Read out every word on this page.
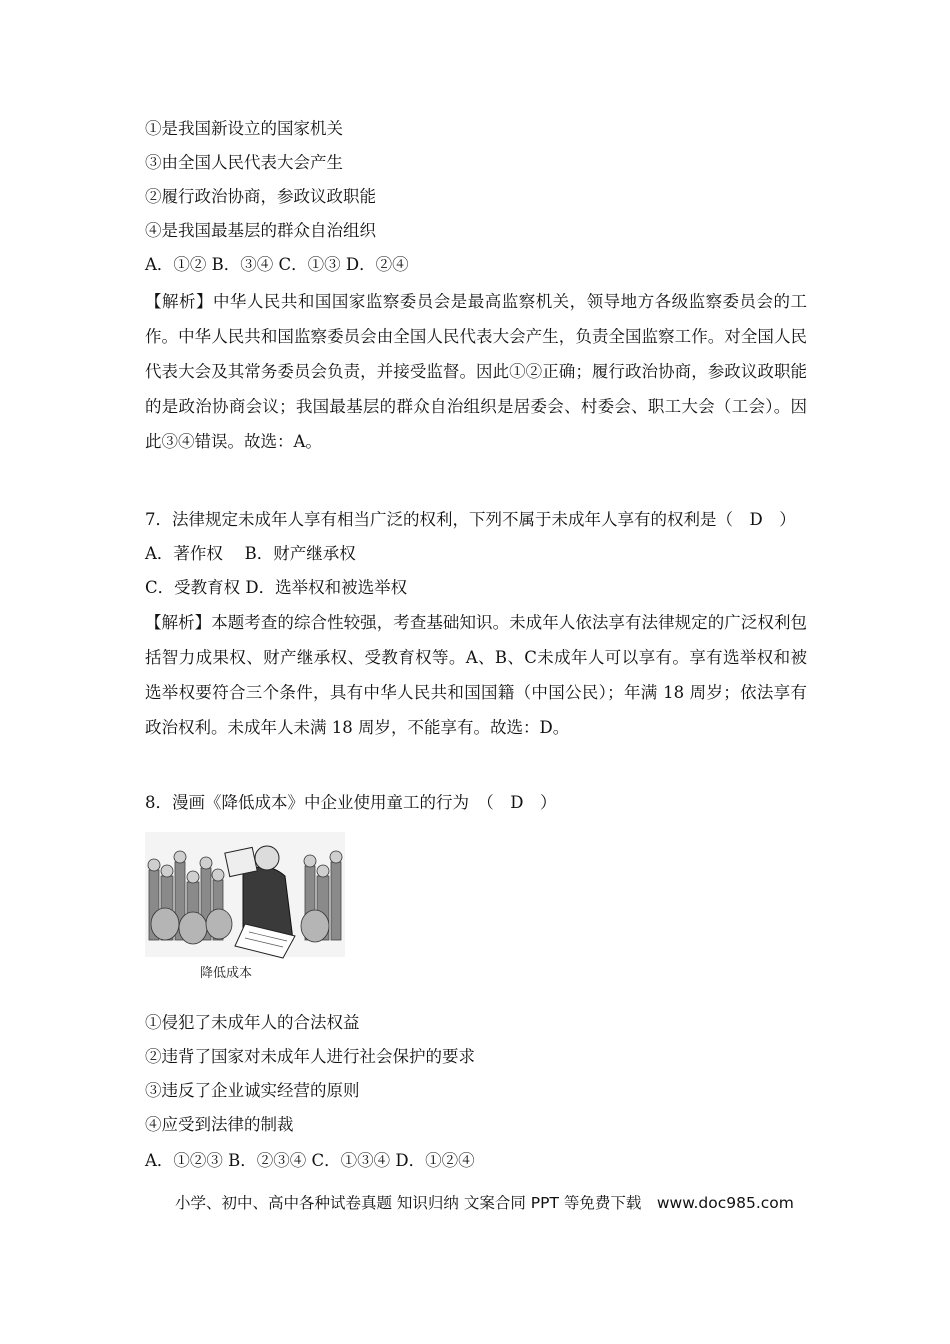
①是我国新设立的国家机关
③由全国人民代表大会产生
②履行政治协商，参政议政职能
④是我国最基层的群众自治组织
A．①② B．③④ C．①③ D．②④
【解析】中华人民共和国国家监察委员会是最高监察机关，领导地方各级监察委员会的工作。中华人民共和国监察委员会由全国人民代表大会产生，负责全国监察工作。对全国人民代表大会及其常务委员会负责，并接受监督。因此①②正确；履行政治协商，参政议政职能的是政治协商会议；我国最基层的群众自治组织是居委会、村委会、职工大会（工会）。因此③④错误。故选：A。
7．法律规定未成年人享有相当广泛的权利，下列不属于未成年人享有的权利是（　D　）
A．著作权　 B．财产继承权
C．受教育权 D．选举权和被选举权
【解析】本题考查的综合性较强，考查基础知识。未成年人依法享有法律规定的广泛权利包括智力成果权、财产继承权、受教育权等。A、B、C未成年人可以享有。享有选举权和被选举权要符合三个条件，具有中华人民共和国国籍（中国公民）；年满 18 周岁；依法享有政治权利。未成年人未满 18 周岁，不能享有。故选：D。
8．漫画《降低成本》中企业使用童工的行为　（　D　）
降低成本
①侵犯了未成年人的合法权益
②违背了国家对未成年人进行社会保护的要求
③违反了企业诚实经营的原则
④应受到法律的制裁
A．①②③ B．②③④ C．①③④ D．①②④
小学、初中、高中各种试卷真题 知识归纳 文案合同 PPT 等免费下载　www.doc985.com
